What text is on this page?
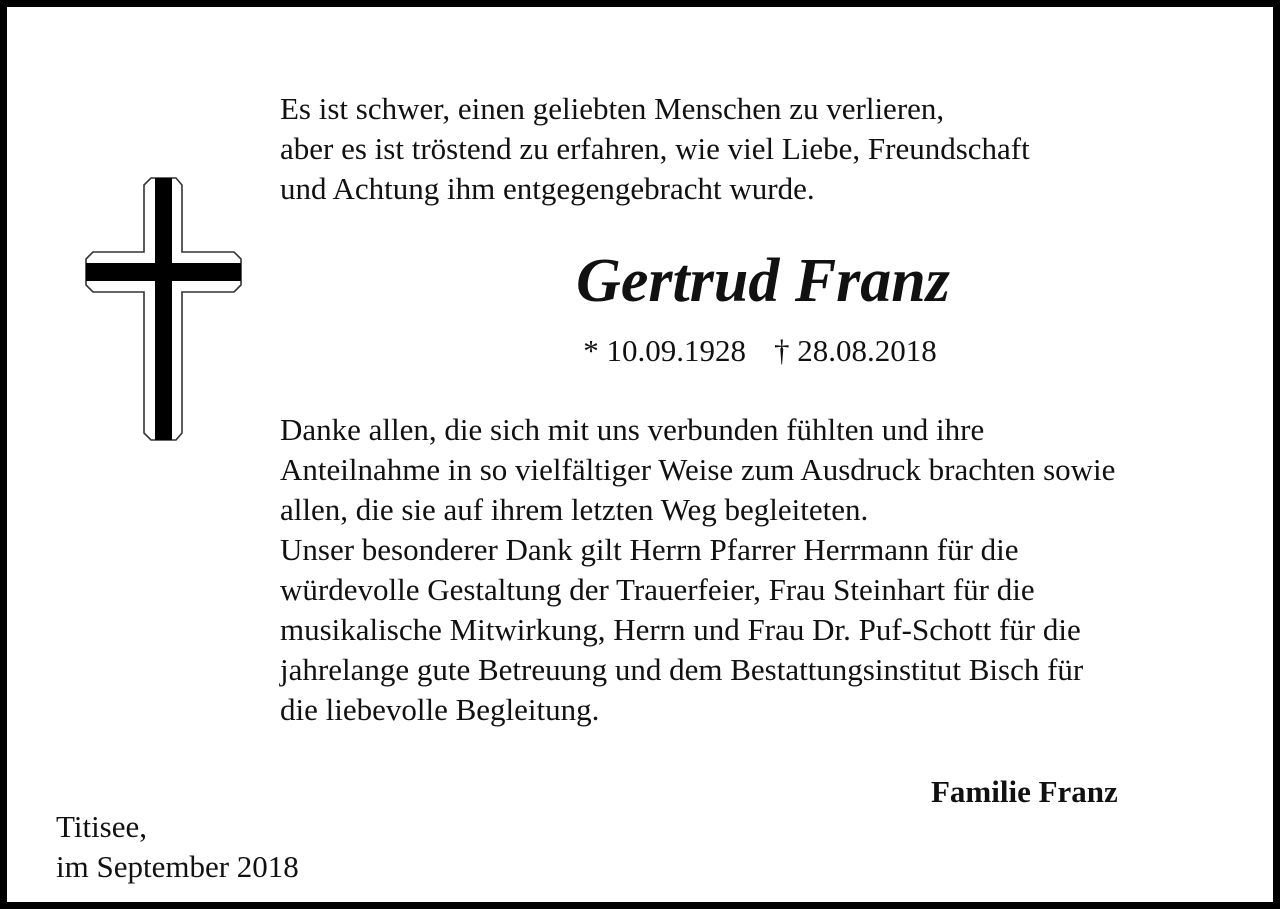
Es ist schwer, einen geliebten Menschen zu verlieren,
aber es ist tröstend zu erfahren, wie viel Liebe, Freundschaft
und Achtung ihm entgegengebracht wurde.
Gertrud Franz
* 10.09.1928 † 28.08.2018
Danke allen, die sich mit uns verbunden fühlten und ihre
Anteilnahme in so vielfältiger Weise zum Ausdruck brachten sowie
allen, die sie auf ihrem letzten Weg begleiteten.
Unser besonderer Dank gilt Herrn Pfarrer Herrmann für die
würdevolle Gestaltung der Trauerfeier, Frau Steinhart für die
musikalische Mitwirkung, Herrn und Frau Dr. Puf-Schott für die
jahrelange gute Betreuung und dem Bestattungsinstitut Bisch für
die liebevolle Begleitung.
Familie Franz
Titisee,
im September 2018
